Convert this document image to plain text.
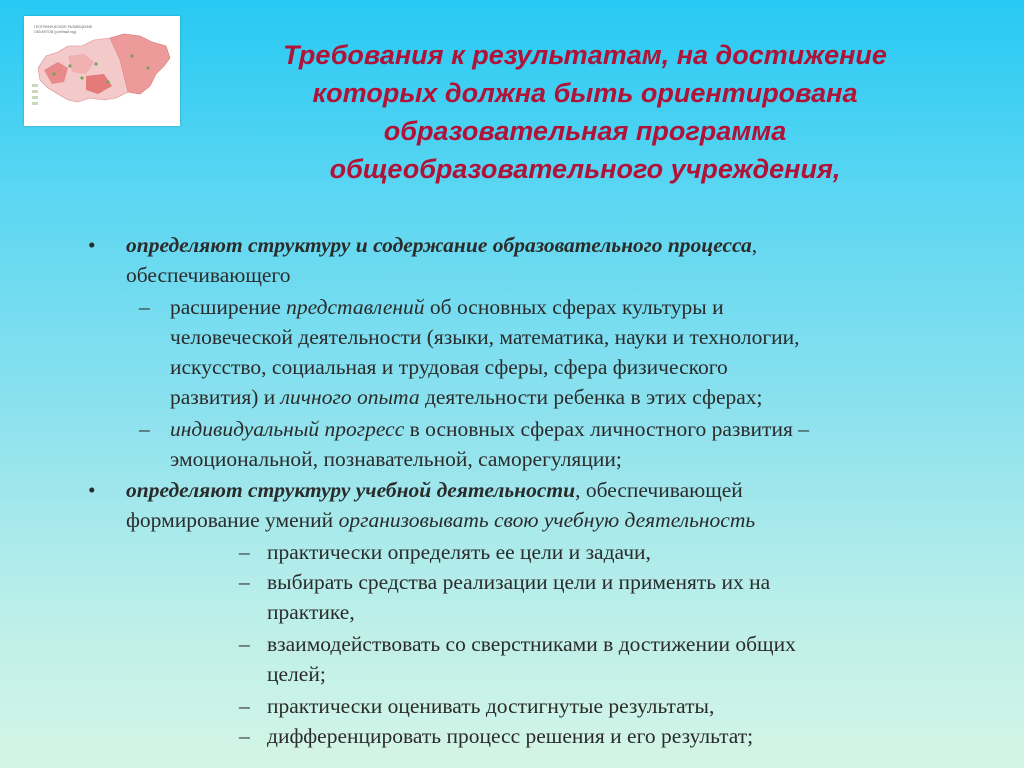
ГЕОГРАФИЧЕСКОЕ РАЗМЕЩЕНИЕ
ОБЪЕКТОВ (учебный год)
Требования к результатам, на достижение
которых должна быть ориентирована
образовательная программа
общеобразовательного учреждения,
• определяют структуру и содержание образовательного процесса,
обеспечивающего
– расширение представлений об основных сферах культуры и
человеческой деятельности (языки, математика, науки и технологии,
искусство, социальная и трудовая сферы, сфера физического
развития) и личного опыта деятельности ребенка в этих сферах;
– индивидуальный прогресс в основных сферах личностного развития –
эмоциональной, познавательной, саморегуляции;
• определяют структуру учебной деятельности, обеспечивающей
формирование умений организовывать свою учебную деятельность
– практически определять ее цели и задачи,
– выбирать средства реализации цели и применять их на
практике,
– взаимодействовать со сверстниками в достижении общих
целей;
– практически оценивать достигнутые результаты,
– дифференцировать процесс решения и его результат;
